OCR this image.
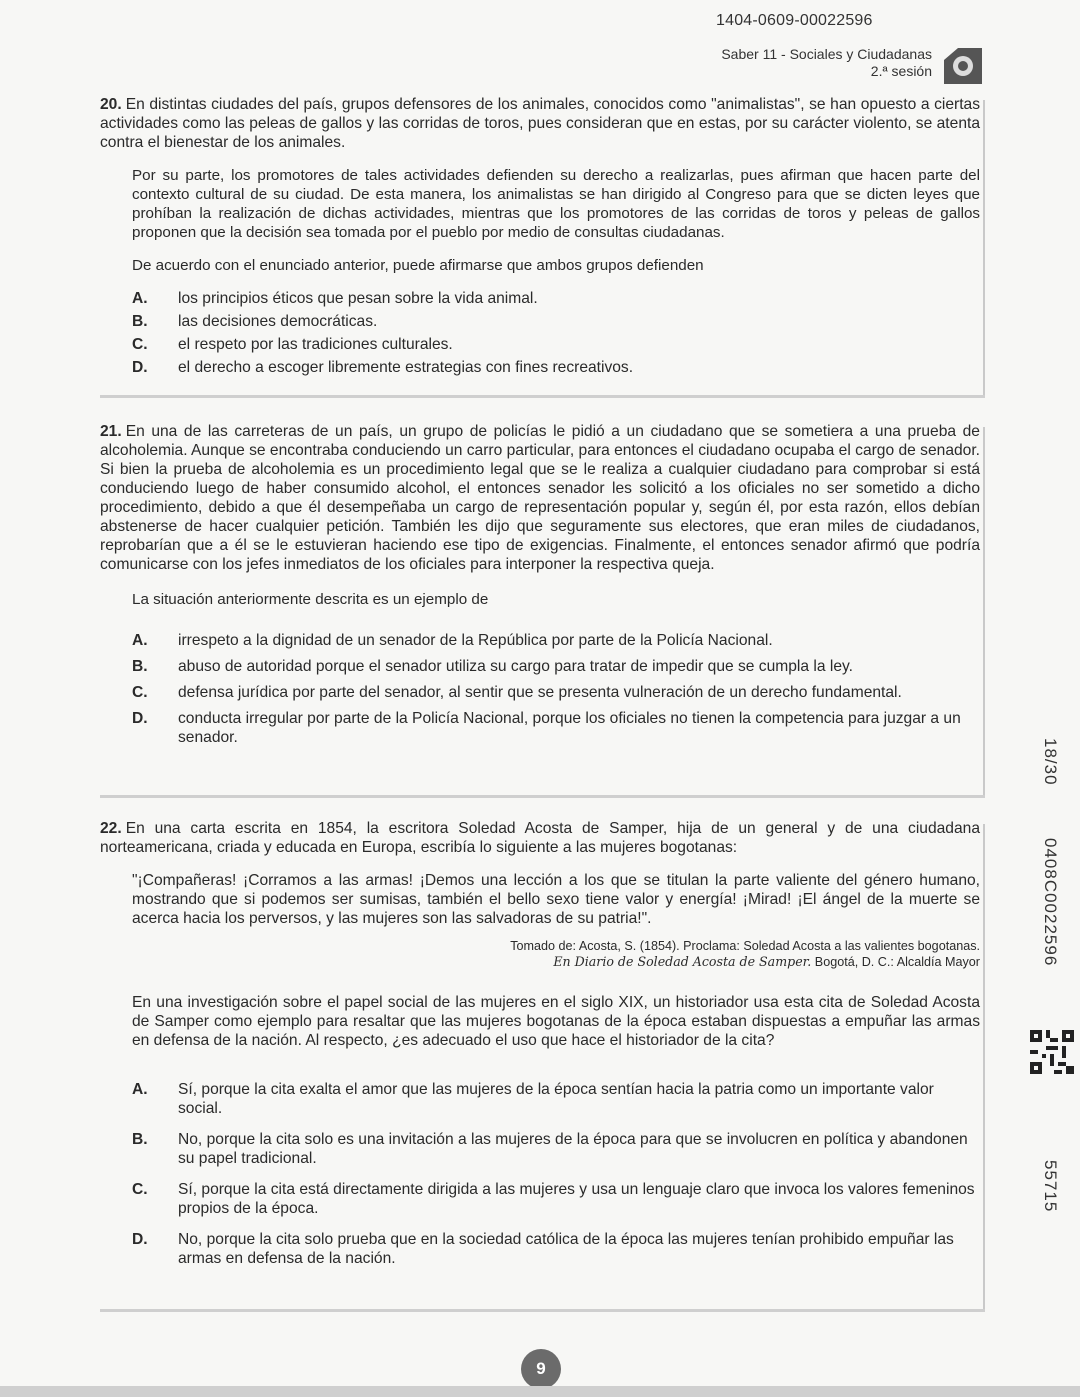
1404-0609-00022596
Saber 11 - Sociales y Ciudadanas
2.ª sesión

20. En distintas ciudades del país, grupos defensores de los animales, conocidos como "animalistas", se han opuesto a ciertas actividades como las peleas de gallos y las corridas de toros, pues consideran que en estas, por su carácter violento, se atenta contra el bienestar de los animales.

Por su parte, los promotores de tales actividades defienden su derecho a realizarlas, pues afirman que hacen parte del contexto cultural de su ciudad. De esta manera, los animalistas se han dirigido al Congreso para que se dicten leyes que prohíban la realización de dichas actividades, mientras que los promotores de las corridas de toros y peleas de gallos proponen que la decisión sea tomada por el pueblo por medio de consultas ciudadanas.

De acuerdo con el enunciado anterior, puede afirmarse que ambos grupos defienden

A.	los principios éticos que pesan sobre la vida animal.
B.	las decisiones democráticas.
C.	el respeto por las tradiciones culturales.
D.	el derecho a escoger libremente estrategias con fines recreativos.

21. En una de las carreteras de un país, un grupo de policías le pidió a un ciudadano que se sometiera a una prueba de alcoholemia. Aunque se encontraba conduciendo un carro particular, para entonces el ciudadano ocupaba el cargo de senador. Si bien la prueba de alcoholemia es un procedimiento legal que se le realiza a cualquier ciudadano para comprobar si está conduciendo luego de haber consumido alcohol, el entonces senador les solicitó a los oficiales no ser sometido a dicho procedimiento, debido a que él desempeñaba un cargo de representación popular y, según él, por esta razón, ellos debían abstenerse de hacer cualquier petición. También les dijo que seguramente sus electores, que eran miles de ciudadanos, reprobarían que a él se le estuvieran haciendo ese tipo de exigencias. Finalmente, el entonces senador afirmó que podría comunicarse con los jefes inmediatos de los oficiales para interponer la respectiva queja.

La situación anteriormente descrita es un ejemplo de

A.	irrespeto a la dignidad de un senador de la República por parte de la Policía Nacional.
B.	abuso de autoridad porque el senador utiliza su cargo para tratar de impedir que se cumpla la ley.
C.	defensa jurídica por parte del senador, al sentir que se presenta vulneración de un derecho fundamental.
D.	conducta irregular por parte de la Policía Nacional, porque los oficiales no tienen la competencia para juzgar a un senador.

22. En una carta escrita en 1854, la escritora Soledad Acosta de Samper, hija de un general y de una ciudadana norteamericana, criada y educada en Europa, escribía lo siguiente a las mujeres bogotanas:

"¡Compañeras! ¡Corramos a las armas! ¡Demos una lección a los que se titulan la parte valiente del género humano, mostrando que si podemos ser sumisas, también el bello sexo tiene valor y energía! ¡Mirad! ¡El ángel de la muerte se acerca hacia los perversos, y las mujeres son las salvadoras de su patria!".

Tomado de: Acosta, S. (1854). Proclama: Soledad Acosta a las valientes bogotanas.
En Diario de Soledad Acosta de Samper. Bogotá, D. C.: Alcaldía Mayor

En una investigación sobre el papel social de las mujeres en el siglo XIX, un historiador usa esta cita de Soledad Acosta de Samper como ejemplo para resaltar que las mujeres bogotanas de la época estaban dispuestas a empuñar las armas en defensa de la nación. Al respecto, ¿es adecuado el uso que hace el historiador de la cita?

A.	Sí, porque la cita exalta el amor que las mujeres de la época sentían hacia la patria como un importante valor social.
B.	No, porque la cita solo es una invitación a las mujeres de la época para que se involucren en política y abandonen su papel tradicional.
C.	Sí, porque la cita está directamente dirigida a las mujeres y usa un lenguaje claro que invoca los valores femeninos propios de la época.
D.	No, porque la cita solo prueba que en la sociedad católica de la época las mujeres tenían prohibido empuñar las armas en defensa de la nación.
18/30
0408C0022596
55715
9
